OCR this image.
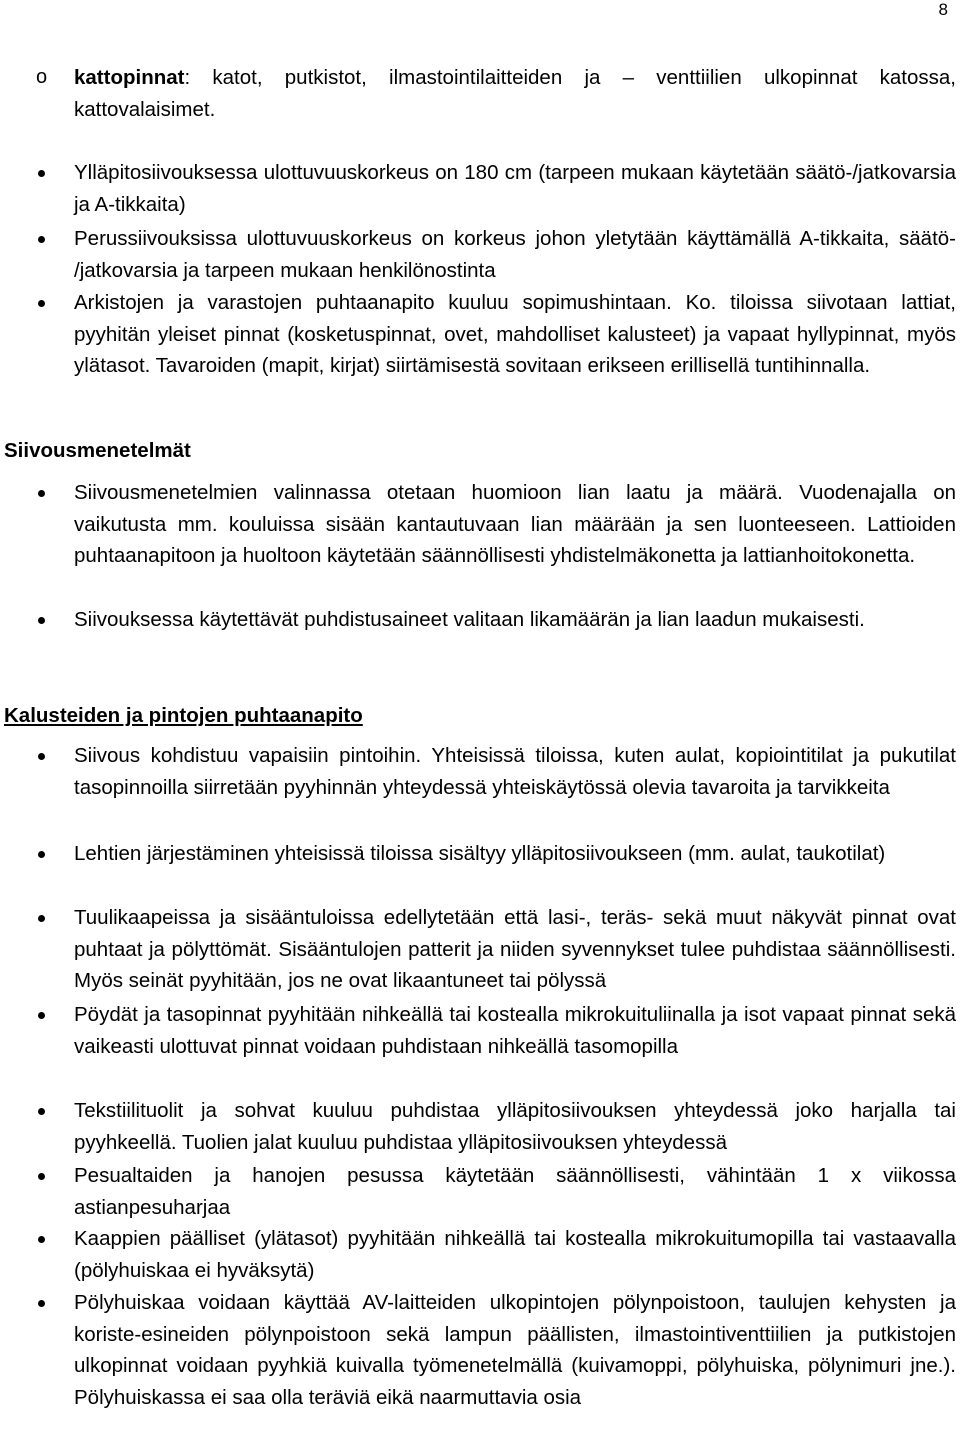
8
o kattopinnat: katot, putkistot, ilmastointilaitteiden ja – venttiilien ulkopinnat katossa, kattovalaisimet.
Ylläpitosiivouksessa ulottuvuuskorkeus on 180 cm (tarpeen mukaan käytetään säätö-/jatkovarsia ja A-tikkaita)
Perussiivouksissa ulottuvuuskorkeus on korkeus johon yletytään käyttämällä A-tikkaita, säätö- /jatkovarsia ja tarpeen mukaan henkilönostinta
Arkistojen ja varastojen puhtaanapito kuuluu sopimushintaan. Ko. tiloissa siivotaan lattiat, pyyhitän yleiset pinnat (kosketuspinnat, ovet, mahdolliset kalusteet) ja vapaat hyllypinnat, myös ylätasot. Tavaroiden (mapit, kirjat) siirtämisestä sovitaan erikseen erillisellä tuntihinnalla.
Siivousmenetelmät
Siivousmenetelmien valinnassa otetaan huomioon lian laatu ja määrä. Vuodenajalla on vaikutusta mm. kouluissa sisään kantautuvaan lian määrään ja sen luonteeseen. Lattioiden puhtaanapitoon ja huoltoon käytetään säännöllisesti yhdistelmäkonetta ja lattianhoitokonetta.
Siivouksessa käytettävät puhdistusaineet valitaan likamäärän ja lian laadun mukaisesti.
Kalusteiden ja pintojen puhtaanapito
Siivous kohdistuu vapaisiin pintoihin. Yhteisissä tiloissa, kuten aulat, kopiointitilat ja pukutilat tasopinnoilla siirretään pyyhinnän yhteydessä yhteiskäytössä olevia tavaroita ja tarvikkeita
Lehtien järjestäminen yhteisissä tiloissa sisältyy ylläpitosiivoukseen (mm. aulat, taukotilat)
Tuulikaapeissa ja sisääntuloissa edellytetään että lasi-, teräs- sekä muut näkyvät pinnat ovat puhtaat ja pölyttömät. Sisääntulojen patterit ja niiden syvennykset tulee puhdistaa säännöllisesti. Myös seinät pyyhitään, jos ne ovat likaantuneet tai pölyssä
Pöydät ja tasopinnat pyyhitään nihkeällä tai kostealla mikrokuituliinalla ja isot vapaat pinnat sekä vaikeasti ulottuvat pinnat voidaan puhdistaan nihkeällä tasomopilla
Tekstiilituolit ja sohvat kuuluu puhdistaa ylläpitosiivouksen yhteydessä joko harjalla tai pyyhkeellä. Tuolien jalat kuuluu puhdistaa ylläpitosiivouksen yhteydessä
Pesualtaiden ja hanojen pesussa käytetään säännöllisesti, vähintään 1 x viikossa astianpesuharjaa
Kaappien päälliset (ylätasot) pyyhitään nihkeällä tai kostealla mikrokuitumopilla tai vastaavalla (pölyhuiskaa ei hyväksytä)
Pölyhuiskaa voidaan käyttää AV-laitteiden ulkopintojen pölynpoistoon, taulujen kehysten ja koriste-esineiden pölynpoistoon sekä lampun päällisten, ilmastointiventtiilien ja putkistojen ulkopinnat voidaan pyyhkiä kuivalla työmenetelmällä (kuivamoppi, pölyhuiska, pölynimuri jne.). Pölyhuiskassa ei saa olla teräviä eikä naarmuttavia osia
